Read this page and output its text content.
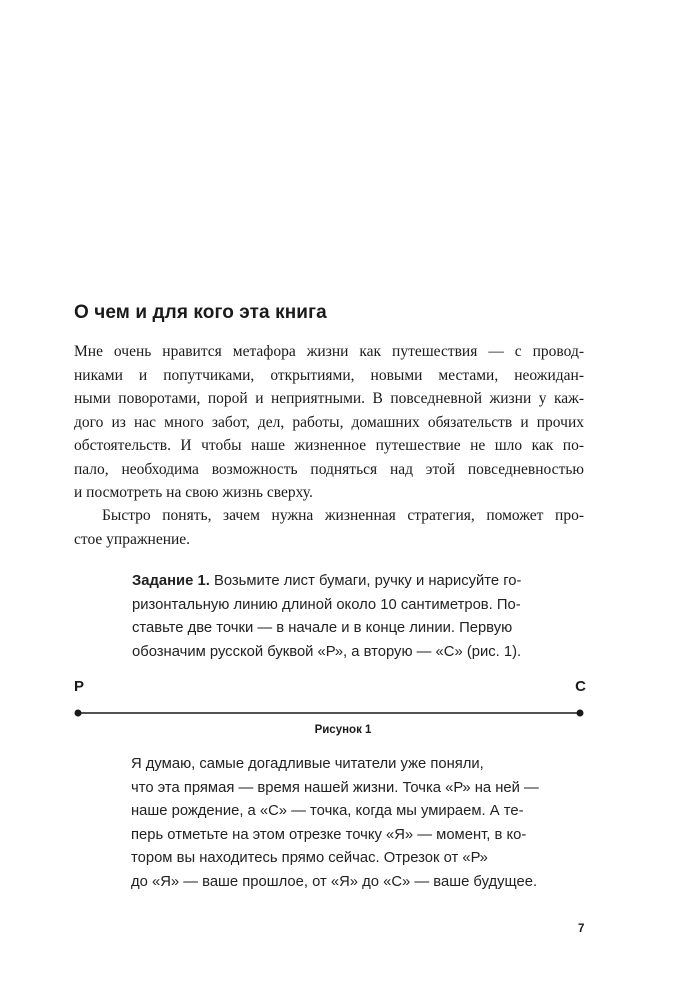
О чем и для кого эта книга
Мне очень нравится метафора жизни как путешествия — с провод-
никами и попутчиками, открытиями, новыми местами, неожидан-
ными поворотами, порой и неприятными. В повседневной жизни у каж-
дого из нас много забот, дел, работы, домашних обязательств и прочих
обстоятельств. И чтобы наше жизненное путешествие не шло как по-
пало, необходима возможность подняться над этой повседневностью
и посмотреть на свою жизнь сверху.
Быстро понять, зачем нужна жизненная стратегия, поможет про-
стое упражнение.
Задание 1. Возьмите лист бумаги, ручку и нарисуйте го-
ризонтальную линию длиной около 10 сантиметров. По-
ставьте две точки — в начале и в конце линии. Первую
обозначим русской буквой «Р», а вторую — «С» (рис. 1).
Р	С
Рисунок 1
Я думаю, самые догадливые читатели уже поняли,
что эта прямая — время нашей жизни. Точка «Р» на ней —
наше рождение, а «С» — точка, когда мы умираем. А те-
перь отметьте на этом отрезке точку «Я» — момент, в ко-
тором вы находитесь прямо сейчас. Отрезок от «Р»
до «Я» — ваше прошлое, от «Я» до «С» — ваше будущее.
7
